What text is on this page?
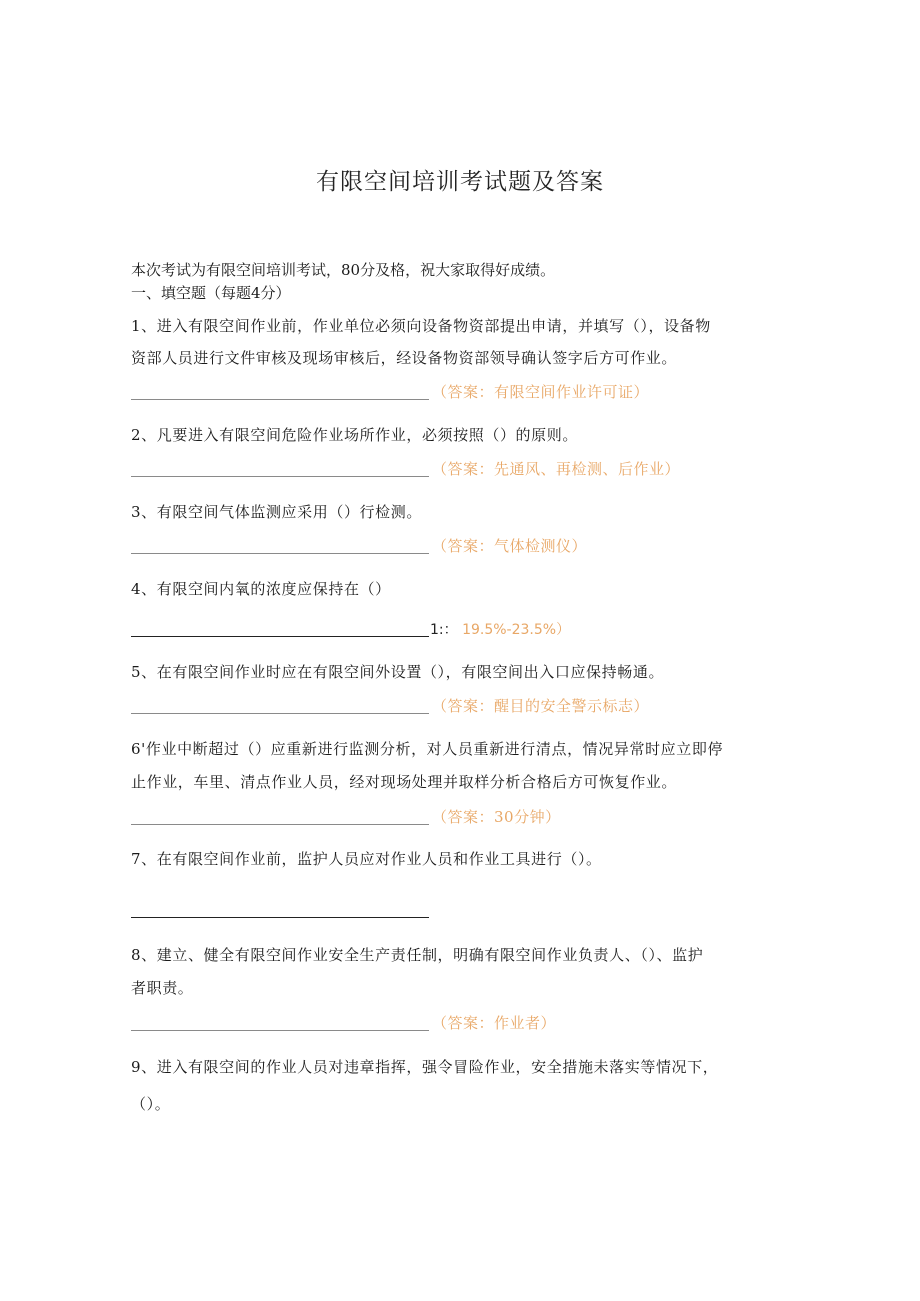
有限空间培训考试题及答案
本次考试为有限空间培训考试，80分及格，祝大家取得好成绩。
一、填空题（每题4分）
1、进入有限空间作业前，作业单位必须向设备物资部提出申请，并填写（），设备物
资部人员进行文件审核及现场审核后，经设备物资部领导确认签字后方可作业。
（答案：有限空间作业许可证）
2、凡要进入有限空间危险作业场所作业，必须按照（）的原则。
（答案：先通风、再检测、后作业）
3、有限空间气体监测应采用（）行检测。
（答案：气体检测仪）
4、有限空间内氧的浓度应保持在（）
1:： 19.5%-23.5%）
5、在有限空间作业时应在有限空间外设置（），有限空间出入口应保持畅通。
（答案：醒目的安全警示标志）
6'作业中断超过（）应重新进行监测分析，对人员重新进行清点，情况异常时应立即停
止作业，车里、清点作业人员，经对现场处理并取样分析合格后方可恢复作业。
（答案：30分钟）
7、在有限空间作业前，监护人员应对作业人员和作业工具进行（）。
8、建立、健全有限空间作业安全生产责任制，明确有限空间作业负责人、（）、监护
者职责。
（答案：作业者）
9、进入有限空间的作业人员对违章指挥，强令冒险作业，安全措施未落实等情况下，
（）。
